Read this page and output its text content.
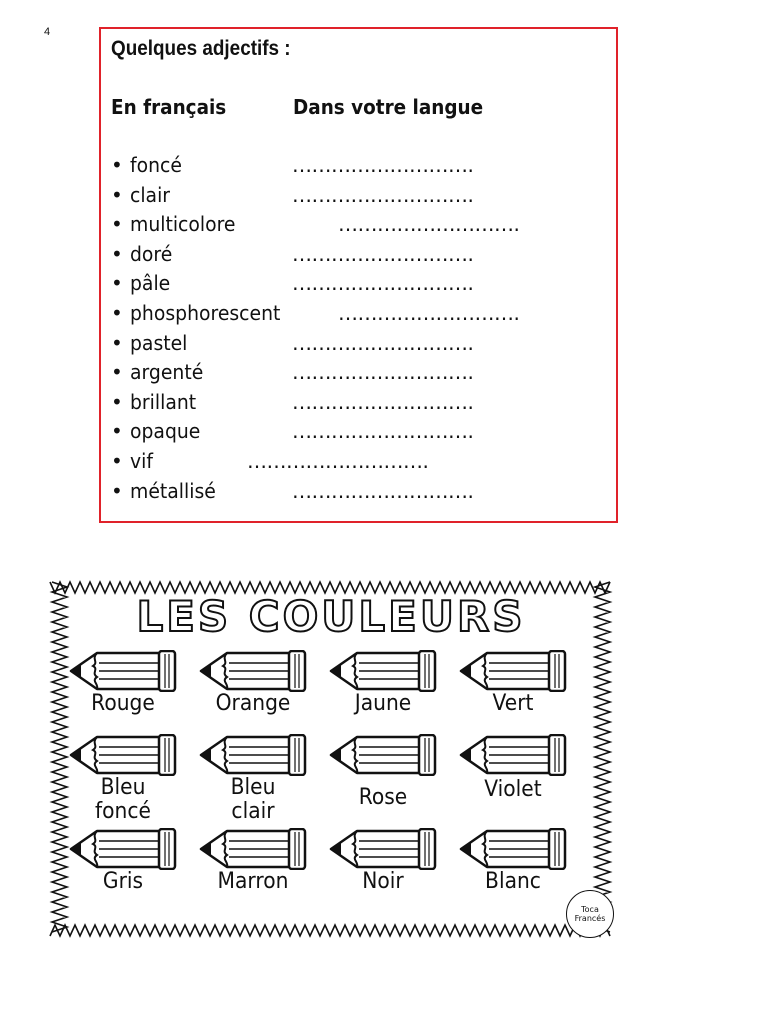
4
Quelques adjectifs :
En français	Dans votre langue
• foncé	……………………….
• clair	……………………….
• multicolore	……………………….
• doré	……………………….
• pâle	……………………….
• phosphorescent	……………………….
• pastel	……………………….
• argenté	……………………….
• brillant	……………………….
• opaque	……………………….
• vif	……………………….
• métallisé	……………………….
LES COULEURS
Rouge	Orange	Jaune	Vert
Bleu
foncé
Bleu
clair
Rose	Violet
Gris	Marron	Noir	Blanc
Toca
Francés
